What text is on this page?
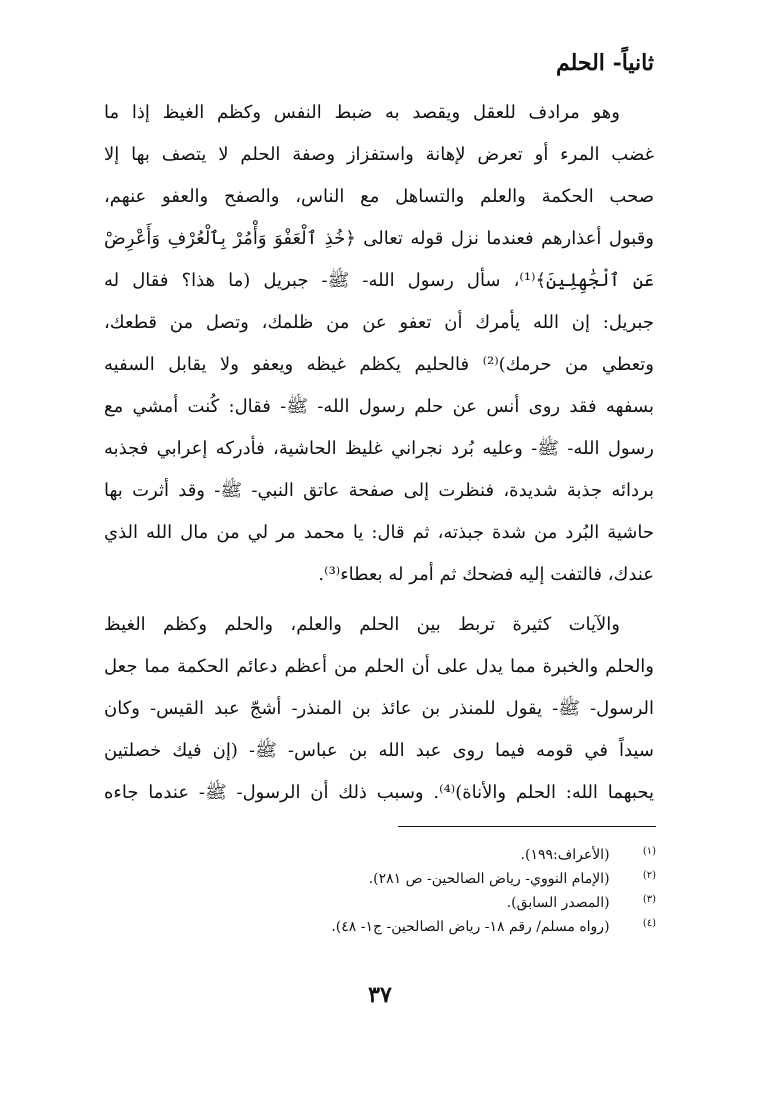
ثانياً- الحلم
وهو مرادف للعقل ويقصد به ضبط النفس وكظم الغيظ إذا ما
غضب المرء أو تعرض لإهانة واستفزاز وصفة الحلم لا يتصف بها إلا
صحب الحكمة والعلم والتساهل مع الناس، والصفح والعفو عنهم،
وقبول أعذارهم فعندما نزل قوله تعالى ﴿خُذِ ٱلْعَفْوَ وَأْمُرْ بِٱلْعُرْفِ وَأَعْرِضْ
عَنِ ٱلْجَٰهِلِينَ﴾⁽¹⁾، سأل رسول الله- ﷺ- جبريل (ما هذا؟ فقال له
جبريل: إن الله يأمرك أن تعفو عن من ظلمك، وتصل من قطعك،
وتعطي من حرمك)⁽²⁾ فالحليم يكظم غيظه ويعفو ولا يقابل السفيه
بسفهه فقد روى أنس عن حلم رسول الله- ﷺ- فقال: كُنت أمشي مع
رسول الله- ﷺ- وعليه بُرد نجراني غليظ الحاشية، فأدركه إعرابي فجذبه
بردائه جذبة شديدة، فنظرت إلى صفحة عاتق النبي- ﷺ- وقد أثرت بها
حاشية البُرد من شدة جبذته، ثم قال: يا محمد مر لي من مال الله الذي
عندك، فالتفت إليه فضحك ثم أمر له بعطاء⁽³⁾.
والآيات كثيرة تربط بين الحلم والعلم، والحلم وكظم الغيظ
والحلم والخبرة مما يدل على أن الحلم من أعظم دعائم الحكمة مما جعل
الرسول- ﷺ- يقول للمنذر بن عائذ بن المنذر- أشجّ عبد القيس- وكان
سيداً في قومه فيما روى عبد الله بن عباس- ﷺ- (إن فيك خصلتين
يحبهما الله: الحلم والأناة)⁽⁴⁾. وسبب ذلك أن الرسول- ﷺ- عندما جاءه
(١) (الأعراف:١٩٩).
(٢) (الإمام النووي- رياض الصالحين- ص ٢٨١).
(٣) (المصدر السابق).
(٤) (رواه مسلم/ رقم ١٨- رياض الصالحين- ج١- ٤٨).
٣٧
